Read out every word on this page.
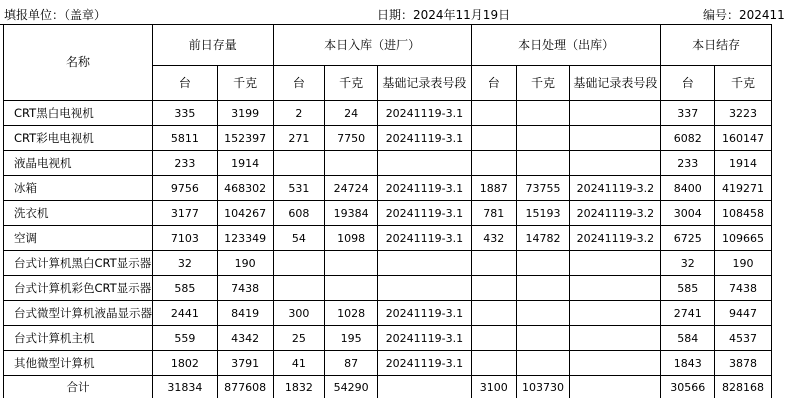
填报单位：（盖章）	日期：2024年11月19日	编号：202411
名称	前日存量		本日入库（进厂）			本日处理（出库）			本日结存	
	台	千克	台	千克	基础记录表号段	台	千克	基础记录表号段	台	千克
CRT黑白电视机	335	3199	2	24	20241119-3.1				337	3223
CRT彩电电视机	5811	152397	271	7750	20241119-3.1				6082	160147
液晶电视机	233	1914							233	1914
冰箱	9756	468302	531	24724	20241119-3.1	1887	73755	20241119-3.2	8400	419271
洗衣机	3177	104267	608	19384	20241119-3.1	781	15193	20241119-3.2	3004	108458
空调	7103	123349	54	1098	20241119-3.1	432	14782	20241119-3.2	6725	109665
台式计算机黑白CRT显示器	32	190							32	190
台式计算机彩色CRT显示器	585	7438							585	7438
台式微型计算机液晶显示器	2441	8419	300	1028	20241119-3.1				2741	9447
台式计算机主机	559	4342	25	195	20241119-3.1				584	4537
其他微型计算机	1802	3791	41	87	20241119-3.1				1843	3878
合计	31834	877608	1832	54290		3100	103730		30566	828168
